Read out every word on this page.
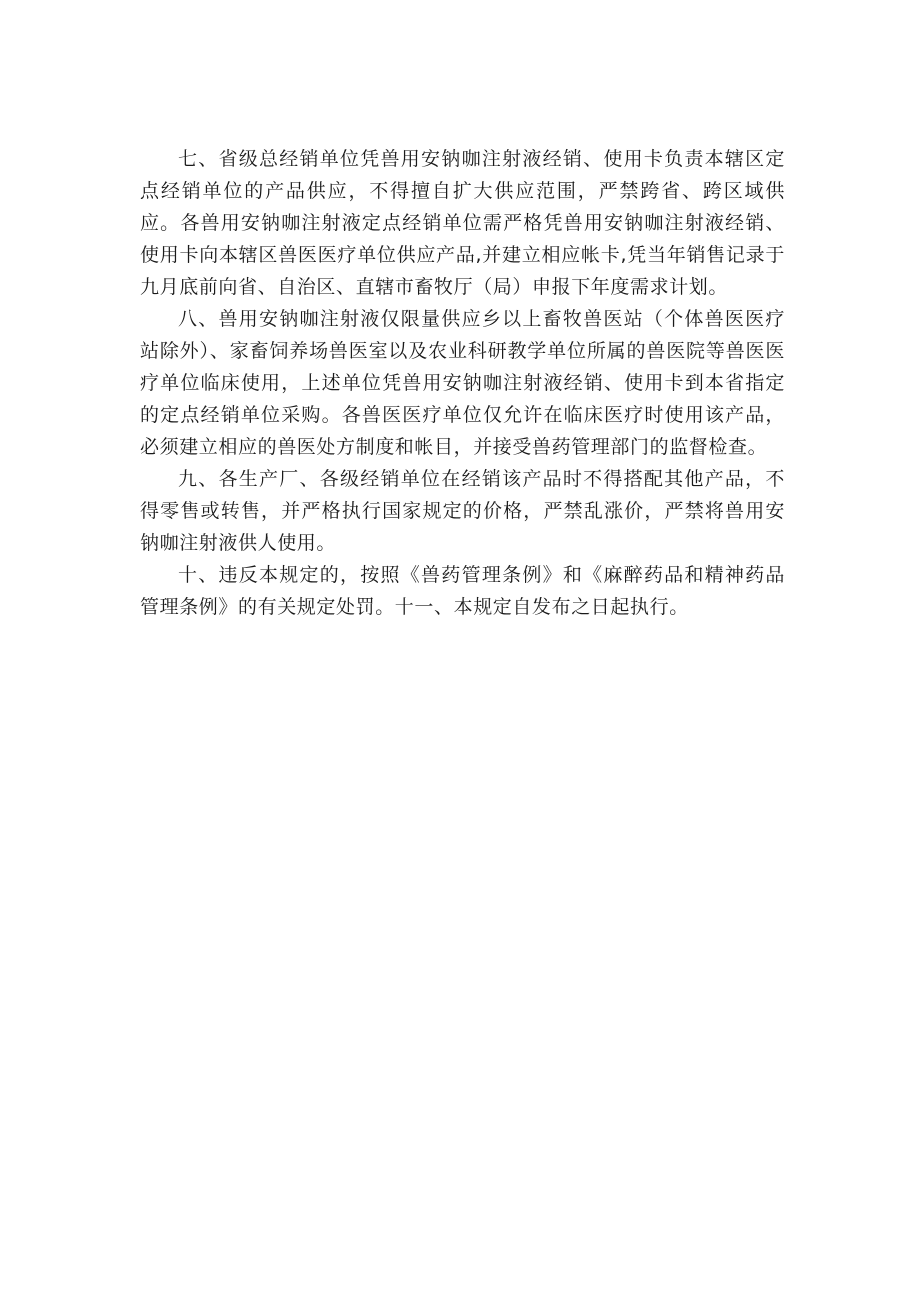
七、省级总经销单位凭兽用安钠咖注射液经销、使用卡负责本辖区定点经销单位的产品供应，不得擅自扩大供应范围，严禁跨省、跨区域供应。各兽用安钠咖注射液定点经销单位需严格凭兽用安钠咖注射液经销、使用卡向本辖区兽医医疗单位供应产品,并建立相应帐卡,凭当年销售记录于九月底前向省、自治区、直辖市畜牧厅（局）申报下年度需求计划。

八、兽用安钠咖注射液仅限量供应乡以上畜牧兽医站（个体兽医医疗站除外）、家畜饲养场兽医室以及农业科研教学单位所属的兽医院等兽医医疗单位临床使用，上述单位凭兽用安钠咖注射液经销、使用卡到本省指定的定点经销单位采购。各兽医医疗单位仅允许在临床医疗时使用该产品，必须建立相应的兽医处方制度和帐目，并接受兽药管理部门的监督检查。

九、各生产厂、各级经销单位在经销该产品时不得搭配其他产品，不得零售或转售，并严格执行国家规定的价格，严禁乱涨价，严禁将兽用安钠咖注射液供人使用。

十、违反本规定的，按照《兽药管理条例》和《麻醉药品和精神药品管理条例》的有关规定处罚。十一、本规定自发布之日起执行。
